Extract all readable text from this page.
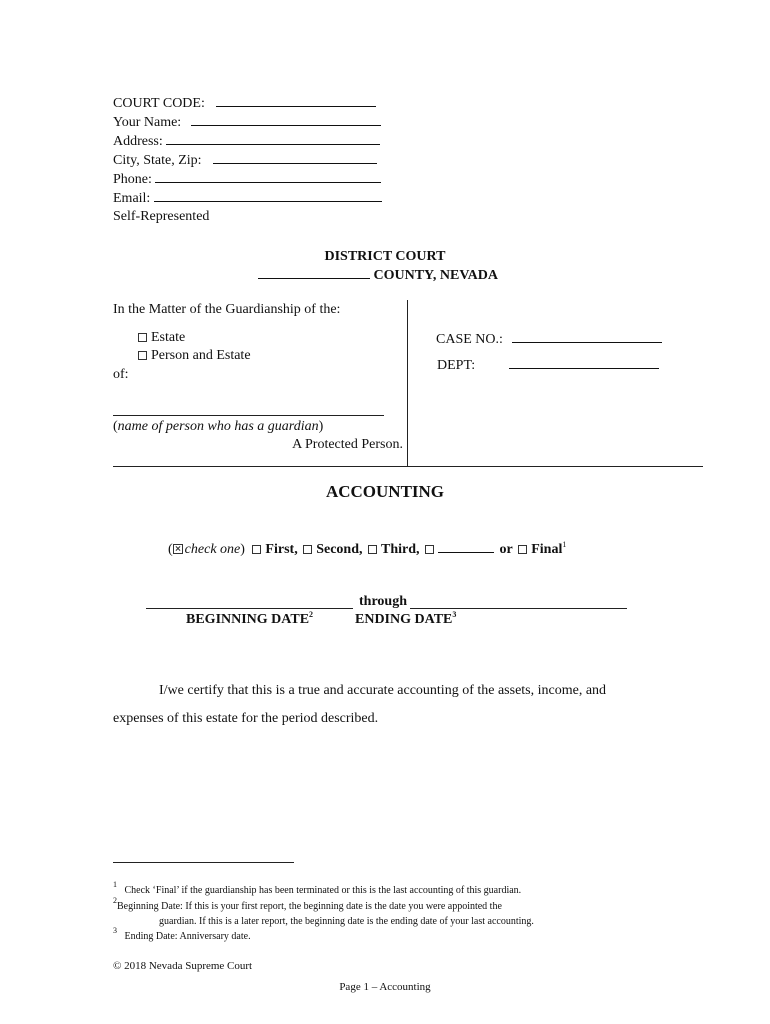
COURT CODE:
Your Name:
Address:
City, State, Zip:
Phone:
Email:
Self-Represented
DISTRICT COURT
COUNTY, NEVADA
In the Matter of the Guardianship of the:
Estate
Person and Estate
of:
(name of person who has a guardian)
A Protected Person.
CASE NO.:
DEPT:
ACCOUNTING
( check one) First, Second, Third,	or Final$^1$
through
BEGINNING DATE$^2$	ENDING DATE$^3$
I/we certify that this is a true and accurate accounting of the assets, income, and
expenses of this estate for the period described.
$^1$   Check ‘Final’ if the guardianship has been terminated or this is the last accounting of this guardian.
$^2$Beginning Date: If this is your first report, the beginning date is the date you were appointed the
guardian. If this is a later report, the beginning date is the ending date of your last accounting.
$^3$   Ending Date: Anniversary date.
© 2018 Nevada Supreme Court
Page 1 – Accounting
